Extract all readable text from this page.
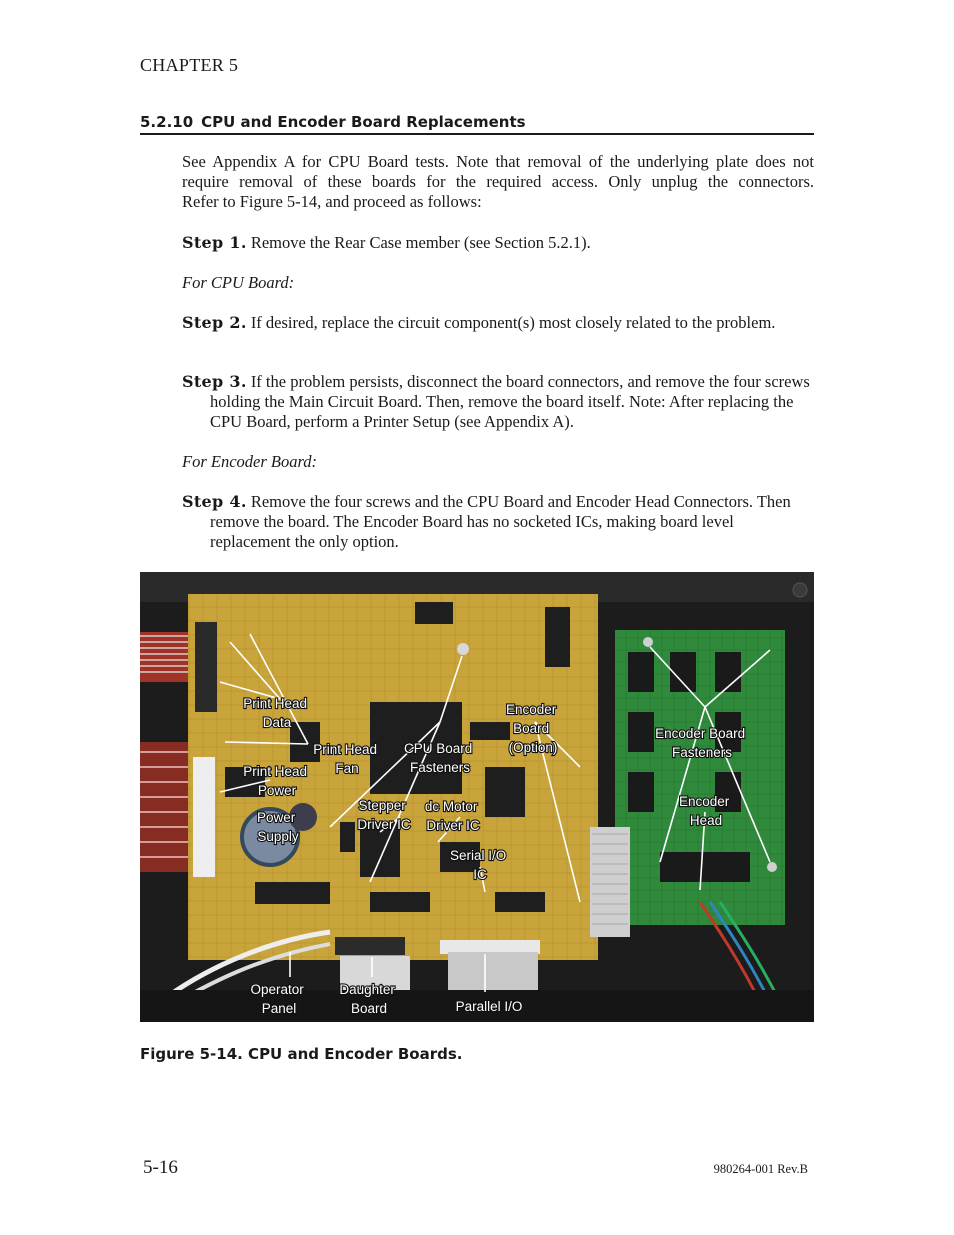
CHAPTER 5
5.2.10 CPU and Encoder Board Replacements
See Appendix A for CPU Board tests. Note that removal of the underlying plate does not
require removal of these boards for the required access. Only unplug the connectors.
Refer to Figure 5-14, and proceed as follows:
Step 1. Remove the Rear Case member (see Section 5.2.1).
For CPU Board:
Step 2. If desired, replace the circuit component(s) most closely related to the problem.
Step 3. If the problem persists, disconnect the board connectors, and remove the four screws holding the Main Circuit Board. Then, remove the board itself. Note: After replacing the CPU Board, perform a Printer Setup (see Appendix A).
For Encoder Board:
Step 4. Remove the four screws and the CPU Board and Encoder Head Connectors. Then remove the board. The Encoder Board has no socketed ICs, making board level replacement the only option.
Print Head Data
Print Head Fan
CPU Board Fasteners
Encoder Board (Option)
Encoder Board Fasteners
Print Head Power
Power Supply
Stepper Driver IC
dc Motor Driver IC
Encoder Head
Serial I/O IC
Operator Panel
Daughter Board	Parallel I/O
Figure 5-14. CPU and Encoder Boards.
5-16	980264-001 Rev.B
